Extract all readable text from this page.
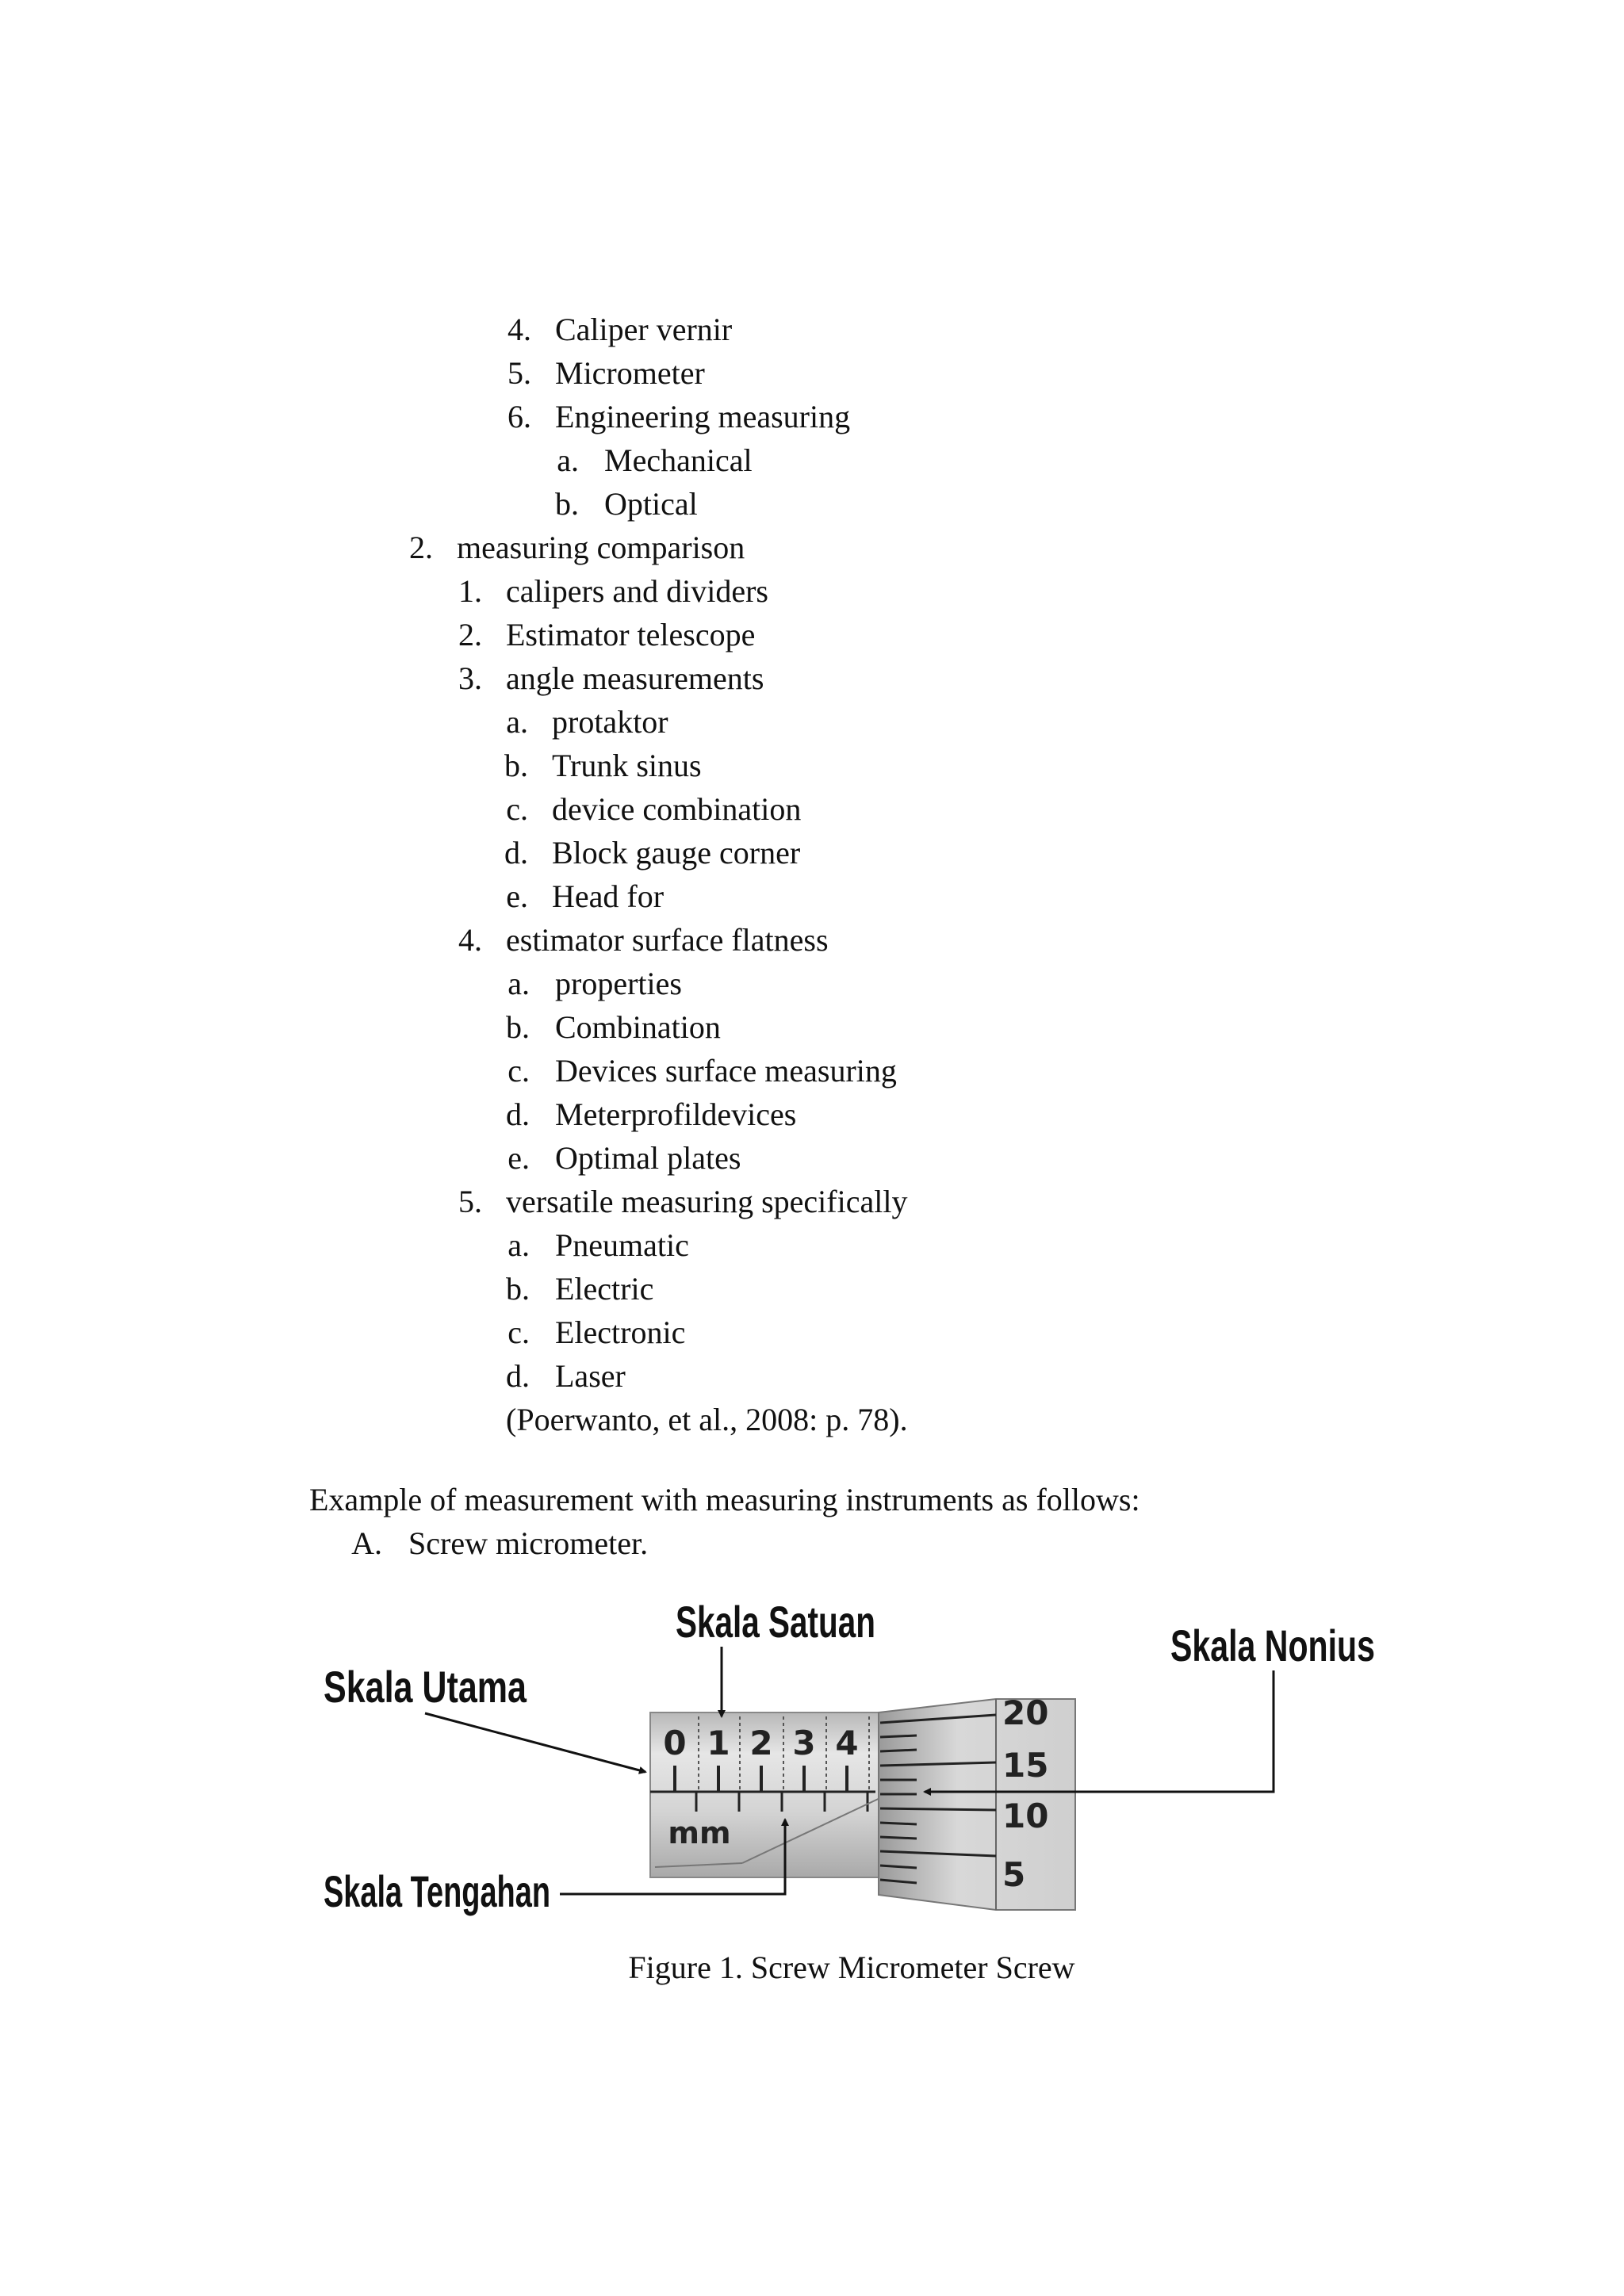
4. Caliper vernir
5. Micrometer
6. Engineering measuring
a. Mechanical
b. Optical
2. measuring comparison
1. calipers and dividers
2. Estimator telescope
3. angle measurements
a. protaktor
b. Trunk sinus
c. device combination
d. Block gauge corner
e. Head for
4. estimator surface flatness
a. properties
b. Combination
c. Devices surface measuring
d. Meterprofildevices
e. Optimal plates
5. versatile measuring specifically
a. Pneumatic
b. Electric
c. Electronic
d. Laser
(Poerwanto, et al., 2008: p. 78).
Example of measurement with measuring instruments as follows:
A. Screw micrometer.
0 1 2 3 4
mm
20
15
10
5
Skala Satuan
Skala Utama
Skala Nonius
Skala Tengahan
Figure 1. Screw Micrometer Screw
